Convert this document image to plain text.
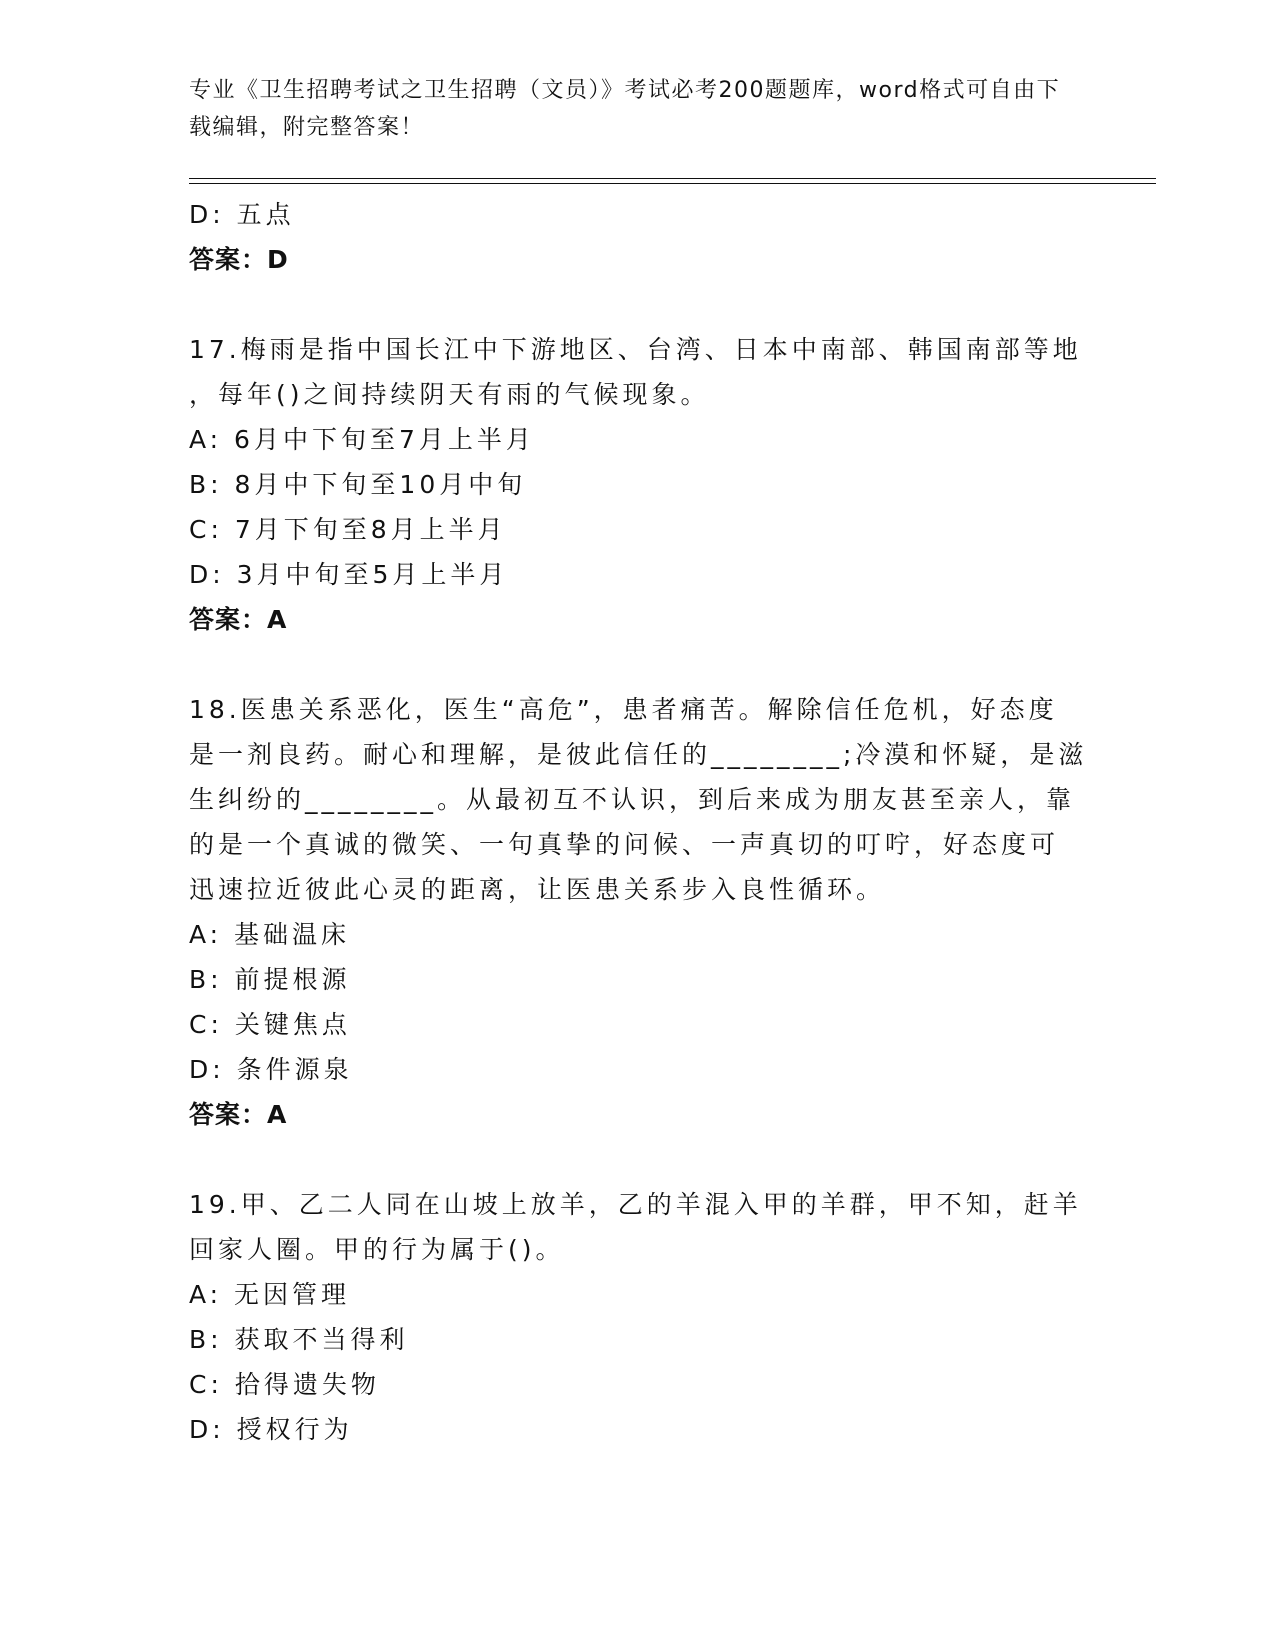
专业《卫生招聘考试之卫生招聘（文员）》考试必考200题题库，word格式可自由下载编辑，附完整答案！
D: 五点
答案：D
17.梅雨是指中国长江中下游地区、台湾、日本中南部、韩国南部等地
，每年()之间持续阴天有雨的气候现象。
A: 6月中下旬至7月上半月
B: 8月中下旬至10月中旬
C: 7月下旬至8月上半月
D: 3月中旬至5月上半月
答案：A
18.医患关系恶化，医生“高危”，患者痛苦。解除信任危机，好态度
是一剂良药。耐心和理解，是彼此信任的________;冷漠和怀疑，是滋
生纠纷的________。从最初互不认识，到后来成为朋友甚至亲人，靠
的是一个真诚的微笑、一句真挚的问候、一声真切的叮咛，好态度可
迅速拉近彼此心灵的距离，让医患关系步入良性循环。
A: 基础温床
B: 前提根源
C: 关键焦点
D: 条件源泉
答案：A
19.甲、乙二人同在山坡上放羊，乙的羊混入甲的羊群，甲不知，赶羊
回家人圈。甲的行为属于()。
A: 无因管理
B: 获取不当得利
C: 拾得遗失物
D: 授权行为
